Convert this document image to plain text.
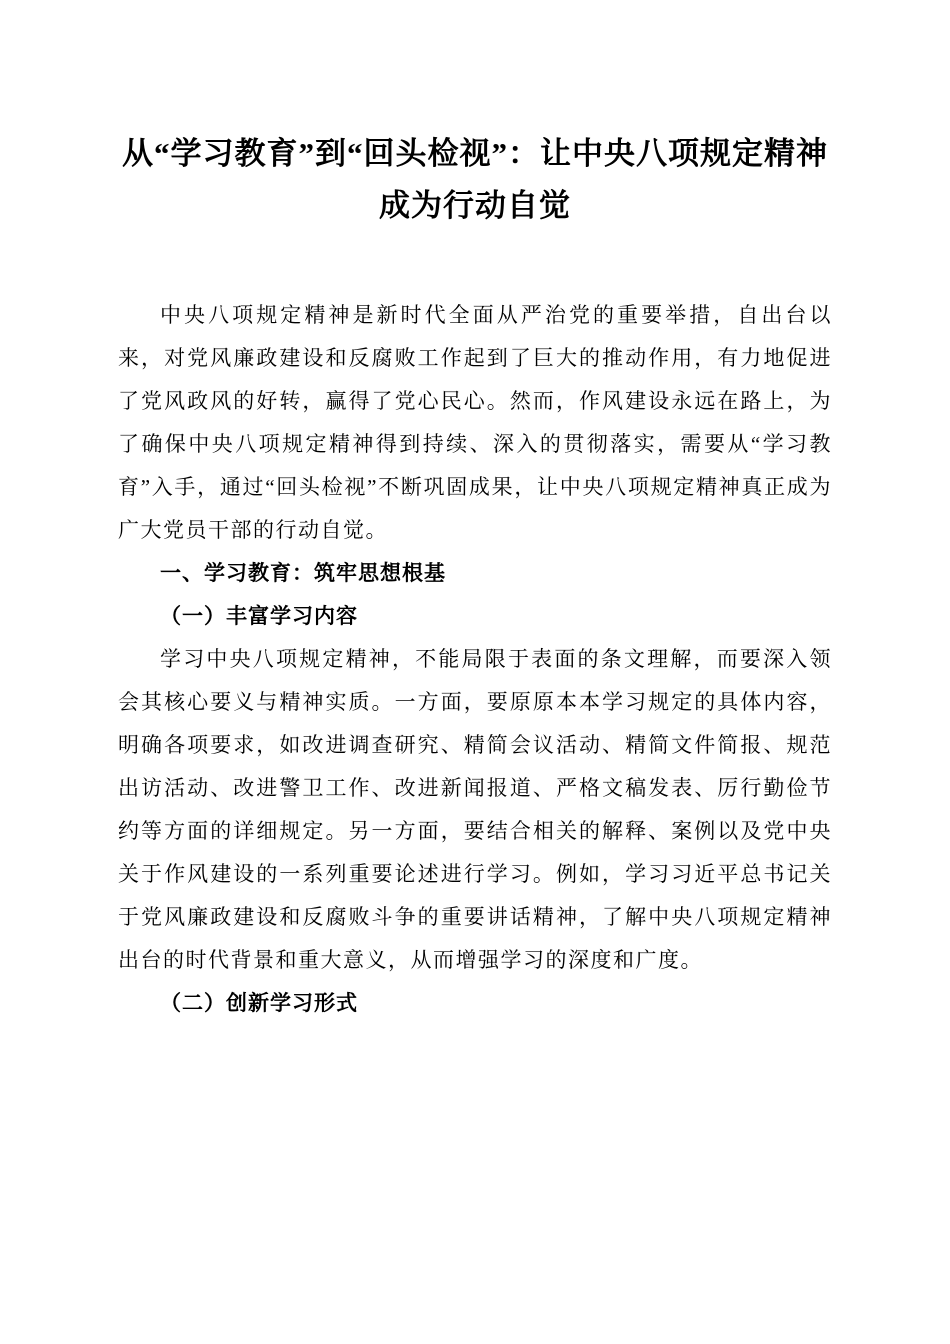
从“学习教育”到“回头检视”：让中央八项规定精神成为行动自觉

中央八项规定精神是新时代全面从严治党的重要举措，自出台以来，对党风廉政建设和反腐败工作起到了巨大的推动作用，有力地促进了党风政风的好转，赢得了党心民心。然而，作风建设永远在路上，为了确保中央八项规定精神得到持续、深入的贯彻落实，需要从“学习教育”入手，通过“回头检视”不断巩固成果，让中央八项规定精神真正成为广大党员干部的行动自觉。

一、学习教育：筑牢思想根基
（一）丰富学习内容

学习中央八项规定精神，不能局限于表面的条文理解，而要深入领会其核心要义与精神实质。一方面，要原原本本学习规定的具体内容，明确各项要求，如改进调查研究、精简会议活动、精简文件简报、规范出访活动、改进警卫工作、改进新闻报道、严格文稿发表、厉行勤俭节约等方面的详细规定。另一方面，要结合相关的解释、案例以及党中央关于作风建设的一系列重要论述进行学习。例如，学习习近平总书记关于党风廉政建设和反腐败斗争的重要讲话精神，了解中央八项规定精神出台的时代背景和重大意义，从而增强学习的深度和广度。

（二）创新学习形式
